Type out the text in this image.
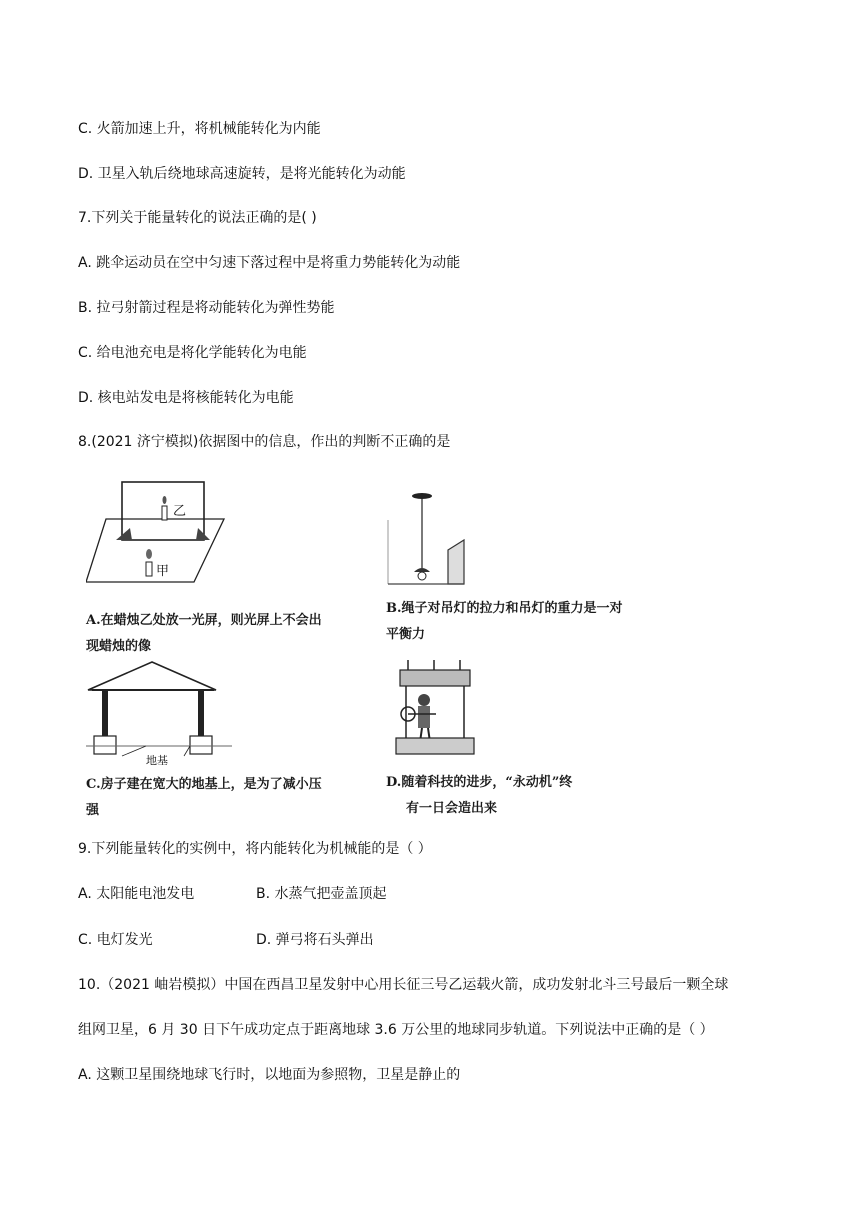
C. 火箭加速上升，将机械能转化为内能
D. 卫星入轨后绕地球高速旋转，是将光能转化为动能
7.下列关于能量转化的说法正确的是( )
A. 跳伞运动员在空中匀速下落过程中是将重力势能转化为动能
B. 拉弓射箭过程是将动能转化为弹性势能
C. 给电池充电是将化学能转化为电能
D. 核电站发电是将核能转化为电能
8.(2021 济宁模拟)依据图中的信息，作出的判断不正确的是
乙
甲
A.在蜡烛乙处放一光屏，则光屏上不会出
现蜡烛的像
B.绳子对吊灯的拉力和吊灯的重力是一对
平衡力
地基
C.房子建在宽大的地基上，是为了减小压
强
D.随着科技的进步，“永动机”终
有一日会造出来
9.下列能量转化的实例中，将内能转化为机械能的是（ ）
A. 太阳能电池发电	B. 水蒸气把壶盖顶起
C. 电灯发光	D. 弹弓将石头弹出
10.（2021 岫岩模拟）中国在西昌卫星发射中心用长征三号乙运载火箭，成功发射北斗三号最后一颗全球
组网卫星，6 月 30 日下午成功定点于距离地球 3.6 万公里的地球同步轨道。下列说法中正确的是（ ）
A. 这颗卫星围绕地球飞行时，以地面为参照物，卫星是静止的
